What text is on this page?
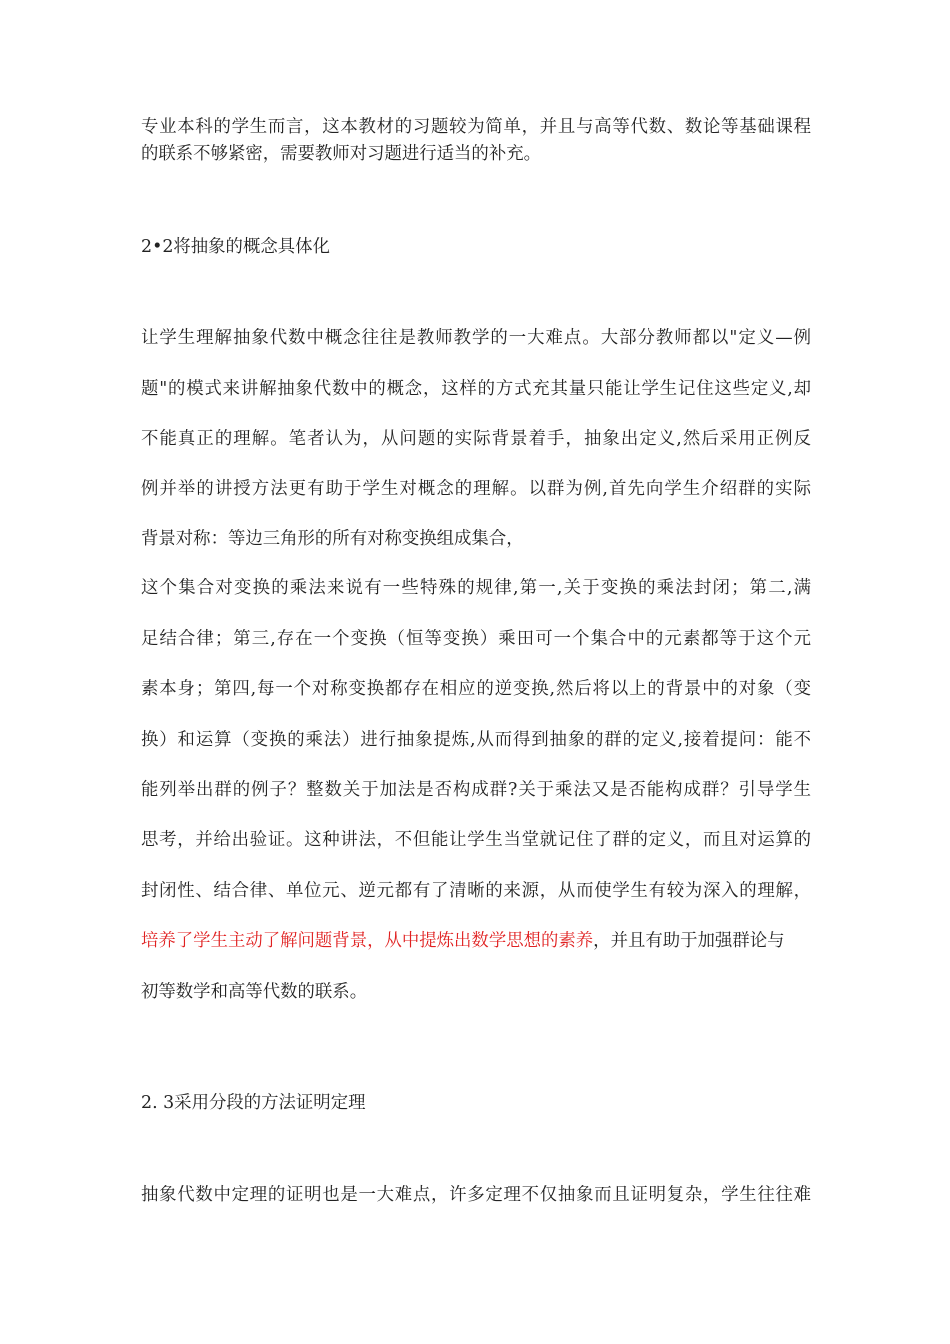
专业本科的学生而言，这本教材的习题较为简单，并且与高等代数、数论等基础课程
的联系不够紧密，需要教师对习题进行适当的补充。
2•2将抽象的概念具体化
让学生理解抽象代数中概念往往是教师教学的一大难点。大部分教师都以"定义—例
题"的模式来讲解抽象代数中的概念，这样的方式充其量只能让学生记住这些定义,却
不能真正的理解。笔者认为，从问题的实际背景着手，抽象出定义,然后采用正例反
例并举的讲授方法更有助于学生对概念的理解。以群为例,首先向学生介绍群的实际
背景对称：等边三角形的所有对称变换组成集合，
这个集合对变换的乘法来说有一些特殊的规律,第一,关于变换的乘法封闭；第二,满
足结合律；第三,存在一个变换（恒等变换）乘田可一个集合中的元素都等于这个元
素本身；第四,每一个对称变换都存在相应的逆变换,然后将以上的背景中的对象（变
换）和运算（变换的乘法）进行抽象提炼,从而得到抽象的群的定义,接着提问：能不
能列举出群的例子？整数关于加法是否构成群?关于乘法又是否能构成群？引导学生
思考，并给出验证。这种讲法，不但能让学生当堂就记住了群的定义，而且对运算的
封闭性、结合律、单位元、逆元都有了清晰的来源，从而使学生有较为深入的理解，
培养了学生主动了解问题背景，从中提炼出数学思想的素养，并且有助于加强群论与
初等数学和高等代数的联系。
2. 3采用分段的方法证明定理
抽象代数中定理的证明也是一大难点，许多定理不仅抽象而且证明复杂，学生往往难
